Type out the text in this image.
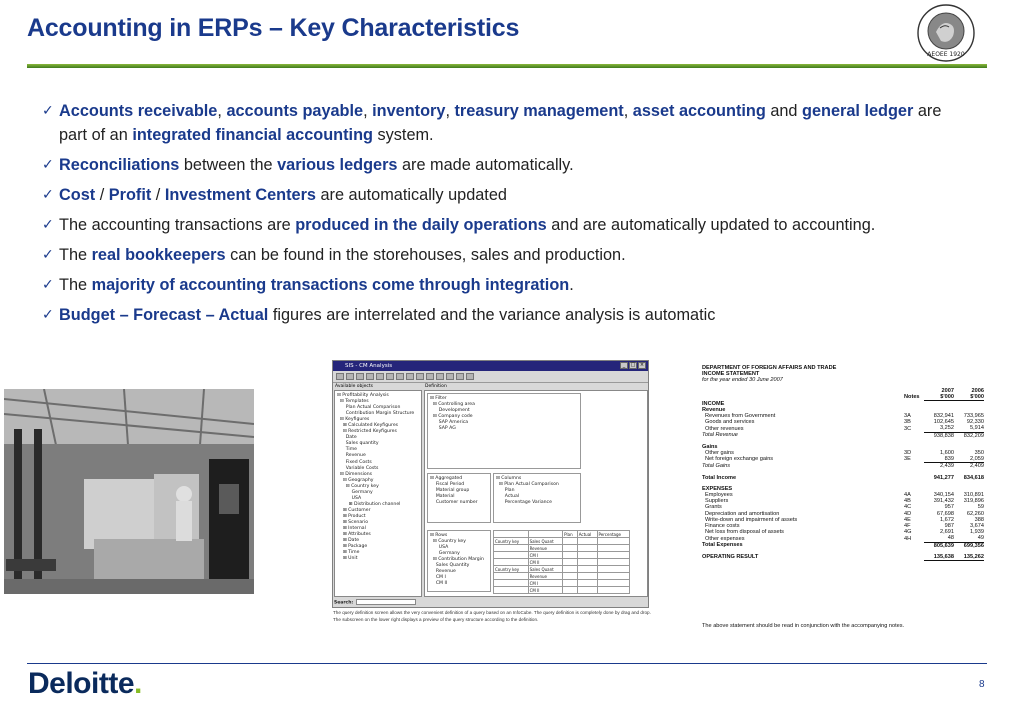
Accounting in ERPs – Key Characteristics
AEOEE 1920
✓ Accounts receivable, accounts payable, inventory, treasury management, asset accounting and general ledger are part of an integrated financial accounting system.
✓ Reconciliations between the various ledgers are made automatically.
✓ Cost / Profit / Investment Centers are automatically updated
✓ The accounting transactions are produced in the daily operations and are automatically updated to accounting.
✓ The real bookkeepers can be found in the storehouses, sales and production.
✓ The majority of accounting transactions come through integration.
✓ Budget – Forecast – Actual figures are interrelated and the variance analysis is automatic
SIS - CM Analysis	_	□ ×
Available objects	Definition
⊟ Profitability Analysis
⊟ Templates
Plan Actual Comparison
Contribution Margin Structure
⊟ Keyfigures
⊞ Calculated Keyfigures
⊟ Restricted Keyfigures
Date
Sales quantity
Time
Revenue
Fixed Costs
Variable Costs
⊟ Dimensions
⊟ Geography
⊟ Country key
Germany
USA
⊞ Distribution channel
⊞ Customer
⊞ Product
⊞ Scenario
⊞ Internal
⊞ Attributes
⊞ Date
⊞ Package
⊞ Time
⊞ Unit
Search:
⊟ Filter
⊟ Controlling area
Development
⊟ Company code
SAP America
SAP AG
⊟ Aggregated
Fiscal Period
Material group
Material
Customer number
⊟ Columns
⊟ Plan Actual Comparison
Plan
Actual
Percentage Variance
⊟ Rows
⊟ Country key
USA
Germany
⊟ Contribution Margin
Sales Quantity
Revenue
CM I
CM II
		Plan	Actual	Percentage
Country key	Sales Quant			
	Revenue			
	CM I			
	CM II			
Country key	Sales Quant			
	Revenue			
	CM I			
	CM II			
The query definition screen allows the very convenient definition of a query based on an InfoCube. The query definition is completely done by drag and drop. The subscreen on the lower right displays a preview of the query structure according to the definition.
DEPARTMENT OF FOREIGN AFFAIRS AND TRADE
INCOME STATEMENT
for the year ended 30 June 2007
		2007	2006
	Notes	$'000	$'000
INCOME			
Revenue			
Revenues from Government	3A	832,941	733,965
Goods and services	3B	102,645	92,330
Other revenues	3C	3,252	5,914
Total Revenue		938,838	832,209

Gains			
Other gains	3D	1,600	350
Net foreign exchange gains	3E	839	2,059
Total Gains		2,439	2,409

Total Income		941,277	834,618

EXPENSES			
Employees	4A	340,154	310,891
Suppliers	4B	391,432	319,896
Grants	4C	957	59
Depreciation and amortisation	4D	67,698	62,260
Write-down and impairment of assets	4E	1,672	388
Finance costs	4F	987	3,674
Net loss from disposal of assets	4G	2,691	1,939
Other expenses	4H	48	49
Total Expenses		805,639	699,356

OPERATING RESULT		135,638	135,262
The above statement should be read in conjunction with the accompanying notes.
Deloitte.	8
